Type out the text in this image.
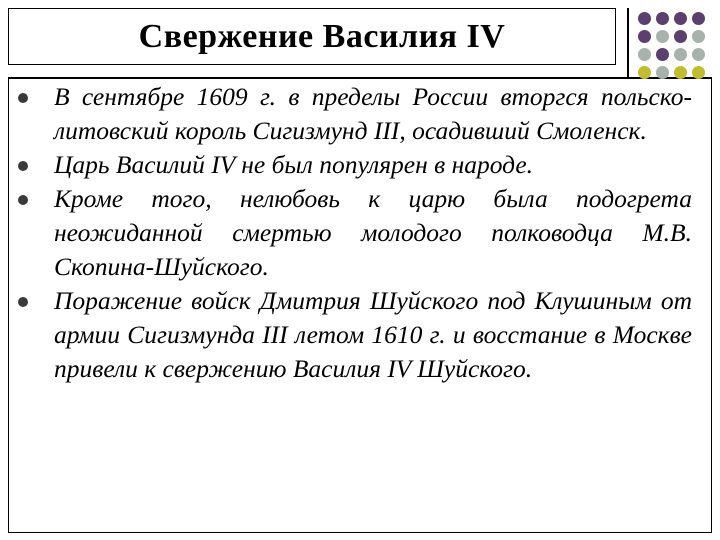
Свержение Василия IV
В сентябре 1609 г. в пределы России вторгся польско-литовский король Сигизмунд III, осадивший Смоленск.
Царь Василий IV не был популярен в народе.
Кроме того, нелюбовь к царю была подогрета неожиданной смертью молодого полководца М.В. Скопина-Шуйского.
Поражение войск Дмитрия Шуйского под Клушиным от армии Сигизмунда III летом 1610 г. и восстание в Москве привели к свержению Василия IV Шуйского.
